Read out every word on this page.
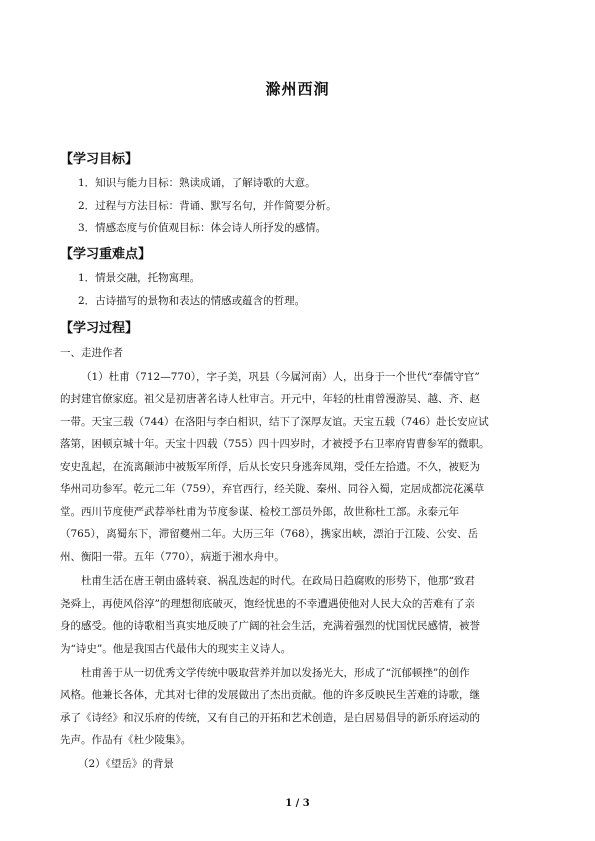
滁州西涧
【学习目标】
1．知识与能力目标：熟读成诵，了解诗歌的大意。
2．过程与方法目标：背诵、默写名句，并作简要分析。
3．情感态度与价值观目标：体会诗人所抒发的感情。
【学习重难点】
1．情景交融，托物寓理。
2．古诗描写的景物和表达的情感或蕴含的哲理。
【学习过程】
一、走进作者
（1）杜甫（712—770），字子美，巩县（今属河南）人，出身于一个世代“奉儒守官”
的封建官僚家庭。祖父是初唐著名诗人杜审言。开元中，年轻的杜甫曾漫游吴、越、齐、赵
一带。天宝三载（744）在洛阳与李白相识，结下了深厚友谊。天宝五载（746）赴长安应试
落第，困顿京城十年。天宝十四载（755）四十四岁时，才被授予右卫率府胄曹参军的微职。
安史乱起，在流离颠沛中被叛军所俘，后从长安只身逃奔凤翔，受任左拾遗。不久，被贬为
华州司功参军。乾元二年（759），弃官西行，经关陇、秦州、同谷入蜀，定居成都浣花溪草
堂。西川节度使严武荐举杜甫为节度参谋、检校工部员外郎，故世称杜工部。永泰元年
（765），离蜀东下，滞留夔州二年。大历三年（768），携家出峡，漂泊于江陵、公安、岳
州、衡阳一带。五年（770），病逝于湘水舟中。
杜甫生活在唐王朝由盛转衰、祸乱迭起的时代。在政局日趋腐败的形势下，他那“致君
尧舜上，再使风俗淳”的理想彻底破灭，饱经忧患的不幸遭遇使他对人民大众的苦难有了亲
身的感受。他的诗歌相当真实地反映了广阔的社会生活，充满着强烈的忧国忧民感情，被誉
为“诗史”。他是我国古代最伟大的现实主义诗人。
杜甫善于从一切优秀文学传统中吸取营养并加以发扬光大，形成了“沉郁顿挫”的创作
风格。他兼长各体，尤其对七律的发展做出了杰出贡献。他的许多反映民生苦难的诗歌，继
承了《诗经》和汉乐府的传统，又有自己的开拓和艺术创造，是白居易倡导的新乐府运动的
先声。作品有《杜少陵集》。
（2）《望岳》的背景
1 / 3
